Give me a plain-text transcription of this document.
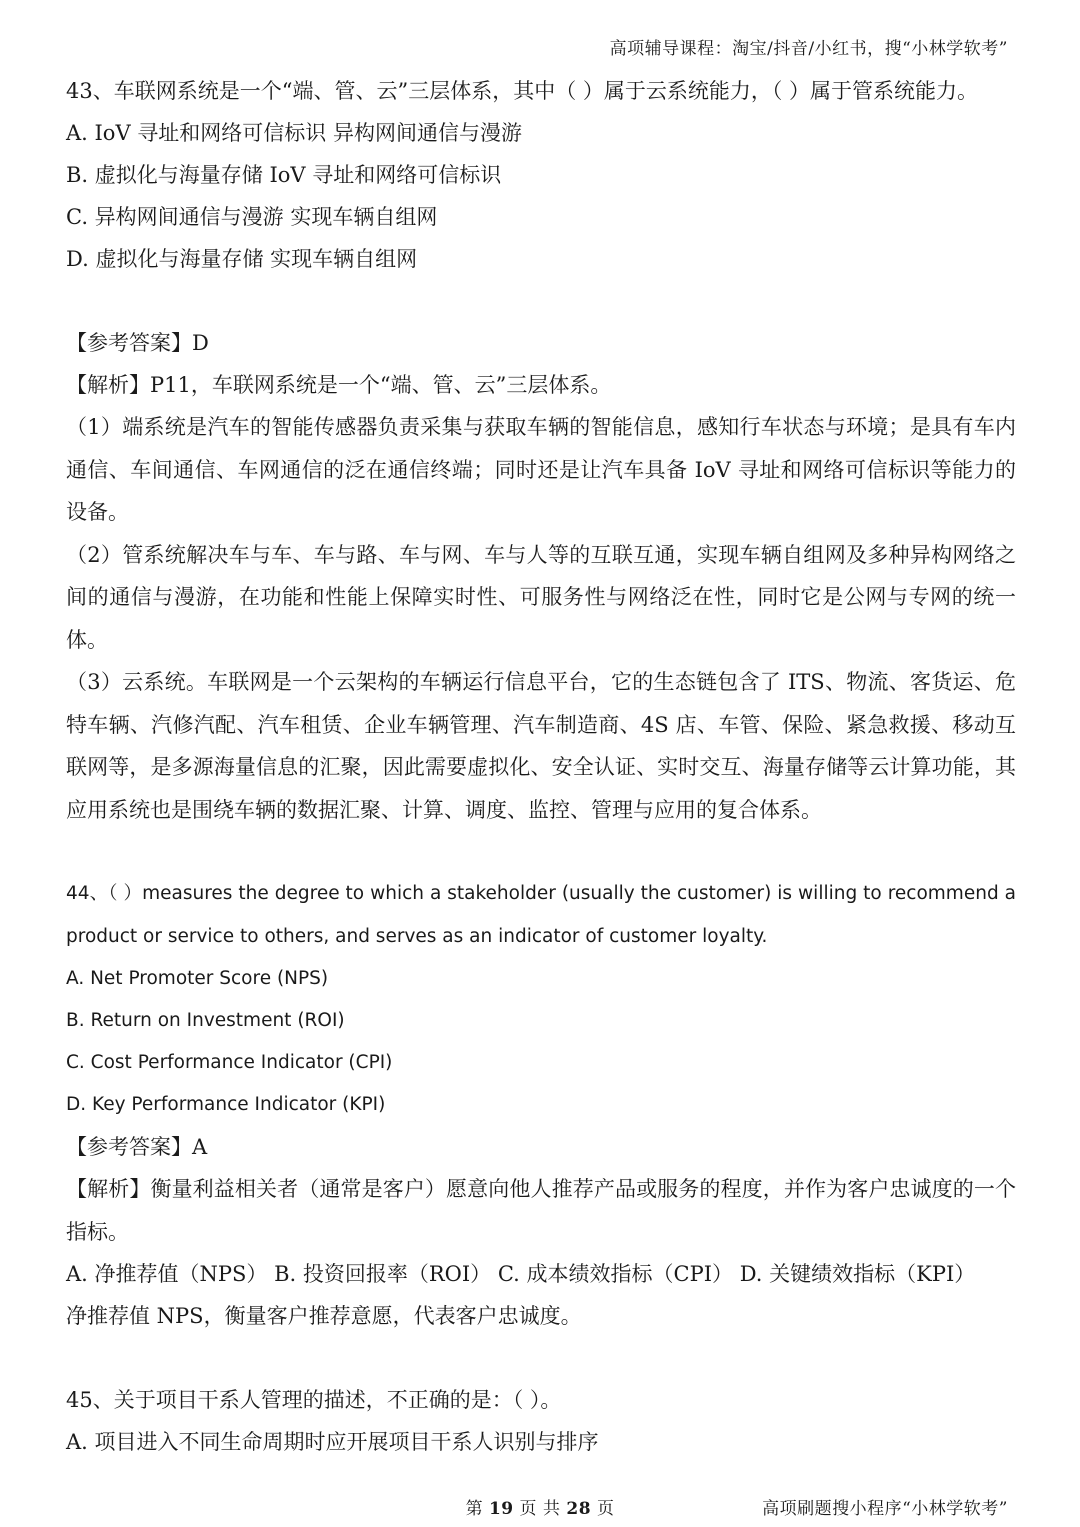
高项辅导课程：淘宝/抖音/小红书，搜“小林学软考”
43、车联网系统是一个“端、管、云”三层体系，其中（ ）属于云系统能力，（ ）属于管系统能力。
A. IoV 寻址和网络可信标识 异构网间通信与漫游
B. 虚拟化与海量存储 IoV 寻址和网络可信标识
C. 异构网间通信与漫游 实现车辆自组网
D. 虚拟化与海量存储 实现车辆自组网
【参考答案】D
【解析】P11，车联网系统是一个“端、管、云”三层体系。
（1）端系统是汽车的智能传感器负责采集与获取车辆的智能信息，感知行车状态与环境；是具有车内通信、车间通信、车网通信的泛在通信终端；同时还是让汽车具备 IoV 寻址和网络可信标识等能力的设备。
（2）管系统解决车与车、车与路、车与网、车与人等的互联互通，实现车辆自组网及多种异构网络之间的通信与漫游，在功能和性能上保障实时性、可服务性与网络泛在性，同时它是公网与专网的统一体。
（3）云系统。车联网是一个云架构的车辆运行信息平台，它的生态链包含了 ITS、物流、客货运、危特车辆、汽修汽配、汽车租赁、企业车辆管理、汽车制造商、4S 店、车管、保险、紧急救援、移动互联网等，是多源海量信息的汇聚，因此需要虚拟化、安全认证、实时交互、海量存储等云计算功能，其应用系统也是围绕车辆的数据汇聚、计算、调度、监控、管理与应用的复合体系。
44、（ ）measures the degree to which a stakeholder (usually the customer) is willing to recommend a product or service to others, and serves as an indicator of customer loyalty.
A. Net Promoter Score (NPS)
B. Return on Investment (ROI)
C. Cost Performance Indicator (CPI)
D. Key Performance Indicator (KPI)
【参考答案】A
【解析】衡量利益相关者（通常是客户）愿意向他人推荐产品或服务的程度，并作为客户忠诚度的一个指标。
A. 净推荐值（NPS） B. 投资回报率（ROI） C. 成本绩效指标（CPI） D. 关键绩效指标（KPI）
净推荐值 NPS，衡量客户推荐意愿，代表客户忠诚度。
45、关于项目干系人管理的描述，不正确的是：（ ）。
A. 项目进入不同生命周期时应开展项目干系人识别与排序
第 19 页 共 28 页	高项刷题搜小程序“小林学软考”
